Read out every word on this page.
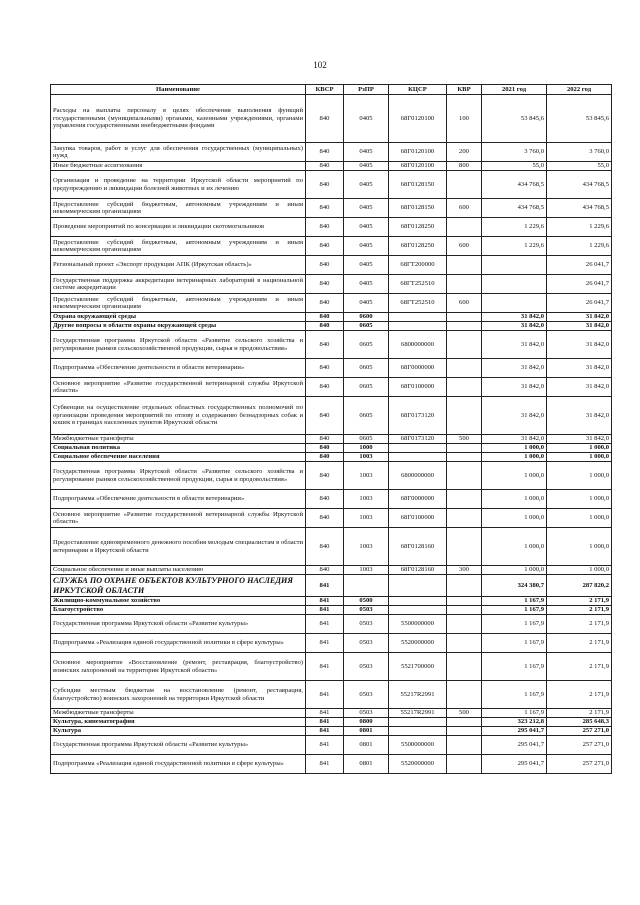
102
Наименование	КВСР	РзПР	КЦСР	КВР	2021 год	2022 год
Расходы на выплаты персоналу в целях обеспечения выполнения функций государственными (муниципальными) органами, казенными учреждениями, органами управления государственными внебюджетными фондами	840	0405	68Г0120100	100	53 845,6	53 845,6
Закупка товаров, работ и услуг для обеспечения государственных (муниципальных) нужд	840	0405	68Г0120100	200	3 760,0	3 760,0
Иные бюджетные ассигнования	840	0405	68Г0120100	800	55,0	55,0
Организация и проведение на территории Иркутской области мероприятий по предупреждению и ликвидации болезней животных и их лечению	840	0405	68Г0128150		434 768,5	434 768,5
Предоставление субсидий бюджетным, автономным учреждениям и иным некоммерческим организациям	840	0405	68Г0128150	600	434 768,5	434 768,5
Проведение мероприятий по консервации и ликвидации скотомогильников	840	0405	68Г0128250		1 229,6	1 229,6
Предоставление субсидий бюджетным, автономным учреждениям и иным некоммерческим организациям	840	0405	68Г0128250	600	1 229,6	1 229,6
Региональный проект «Экспорт продукции АПК (Иркутская область)»	840	0405	68ГТ200000			26 041,7
Государственная поддержка аккредитации ветеринарных лабораторий в национальной системе аккредитации	840	0405	68ГТ252510			26 041,7
Предоставление субсидий бюджетным, автономным учреждениям и иным некоммерческим организациям	840	0405	68ГТ252510	600		26 041,7
Охрана окружающей среды	840	0600			31 842,0	31 842,0
Другие вопросы в области охраны окружающей среды	840	0605			31 842,0	31 842,0
Государственная программа Иркутской области «Развитие сельского хозяйства и регулирование рынков сельскохозяйственной продукции, сырья и продовольствия»	840	0605	6800000000		31 842,0	31 842,0
Подпрограмма «Обеспечение деятельности в области ветеринарии»	840	0605	68Г0000000		31 842,0	31 842,0
Основное мероприятие «Развитие государственной ветеринарной службы Иркутской области»	840	0605	68Г0100000		31 842,0	31 842,0
Субвенции на осуществление отдельных областных государственных полномочий по организации проведения мероприятий по отлову и содержанию безнадзорных собак и кошек в границах населенных пунктов Иркутской области	840	0605	68Г0173120		31 842,0	31 842,0
Межбюджетные трансферты	840	0605	68Г0173120	500	31 842,0	31 842,0
Социальная политика	840	1000			1 000,0	1 000,0
Социальное обеспечение населения	840	1003			1 000,0	1 000,0
Государственная программа Иркутской области «Развитие сельского хозяйства и регулирование рынков сельскохозяйственной продукции, сырья и продовольствия»	840	1003	6800000000		1 000,0	1 000,0
Подпрограмма «Обеспечение деятельности в области ветеринарии»	840	1003	68Г0000000		1 000,0	1 000,0
Основное мероприятие «Развитие государственной ветеринарной службы Иркутской области»	840	1003	68Г0100000		1 000,0	1 000,0
Предоставление единовременного денежного пособия молодым специалистам в области ветеринарии в Иркутской области	840	1003	68Г0128160		1 000,0	1 000,0
Социальное обеспечение и иные выплаты населению	840	1003	68Г0128160	300	1 000,0	1 000,0
СЛУЖБА ПО ОХРАНЕ ОБЪЕКТОВ КУЛЬТУРНОГО НАСЛЕДИЯ ИРКУТСКОЙ ОБЛАСТИ	841				324 380,7	287 820,2
Жилищно-коммунальное хозяйство	841	0500			1 167,9	2 171,9
Благоустройство	841	0503			1 167,9	2 171,9
Государственная программа Иркутской области «Развитие культуры»	841	0503	5500000000		1 167,9	2 171,9
Подпрограмма «Реализация единой государственной политики в сфере культуры»	841	0503	5520000000		1 167,9	2 171,9
Основное мероприятие «Восстановление (ремонт, реставрация, благоустройство) воинских захоронений на территории Иркутской области»	841	0503	5521700000		1 167,9	2 171,9
Субсидии местным бюджетам на восстановление (ремонт, реставрация, благоустройство) воинских захоронений на территории Иркутской области	841	0503	55217R2991		1 167,9	2 171,9
Межбюджетные трансферты	841	0503	55217R2991	500	1 167,9	2 171,9
Культура, кинематография	841	0800			323 212,8	285 648,3
Культура	841	0801			295 041,7	257 271,0
Государственная программа Иркутской области «Развитие культуры»	841	0801	5500000000		295 041,7	257 271,0
Подпрограмма «Реализация единой государственной политики в сфере культуры»	841	0801	5520000000		295 041,7	257 271,0
